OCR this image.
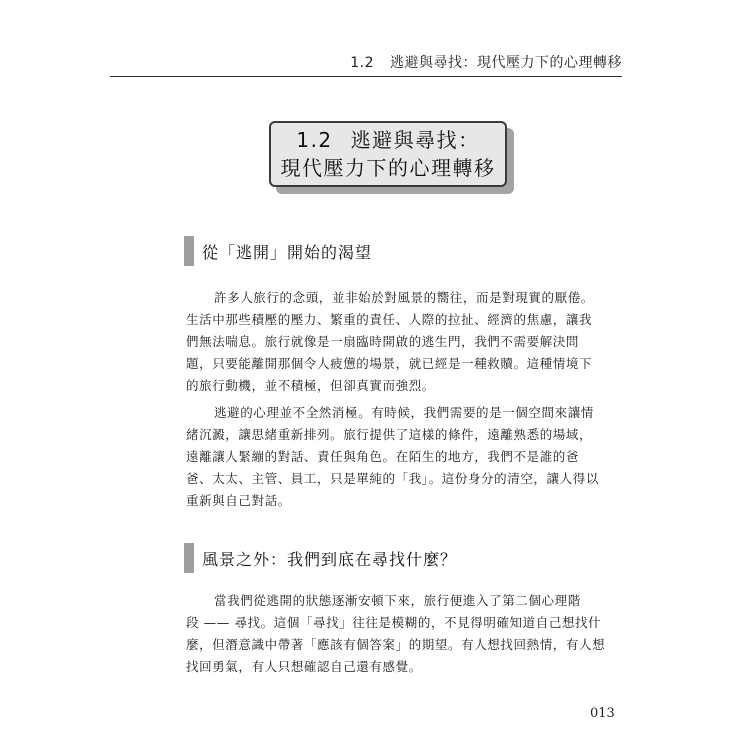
1.2 逃避與尋找：現代壓力下的心理轉移
1.2 逃避與尋找：
現代壓力下的心理轉移
從「逃開」開始的渴望
許多人旅行的念頭，並非始於對風景的嚮往，而是對現實的厭倦。
生活中那些積壓的壓力、繁重的責任、人際的拉扯、經濟的焦慮，讓我
們無法喘息。旅行就像是一扇臨時開啟的逃生門，我們不需要解決問
題，只要能離開那個令人疲憊的場景，就已經是一種救贖。這種情境下
的旅行動機，並不積極，但卻真實而強烈。
逃避的心理並不全然消極。有時候，我們需要的是一個空間來讓情
緒沉澱，讓思緒重新排列。旅行提供了這樣的條件，遠離熟悉的場域，
遠離讓人緊繃的對話、責任與角色。在陌生的地方，我們不是誰的爸
爸、太太、主管、員工，只是單純的「我」。這份身分的清空，讓人得以
重新與自己對話。
風景之外：我們到底在尋找什麼？
當我們從逃開的狀態逐漸安頓下來，旅行便進入了第二個心理階
段 —— 尋找。這個「尋找」往往是模糊的，不見得明確知道自己想找什
麼，但潛意識中帶著「應該有個答案」的期望。有人想找回熱情，有人想
找回勇氣，有人只想確認自己還有感覺。
013
